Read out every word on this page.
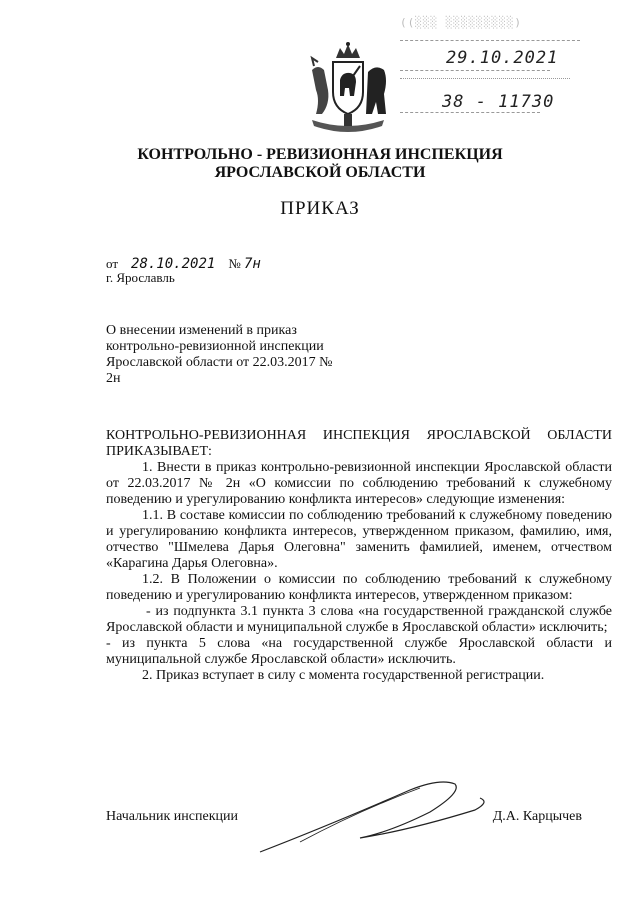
((░░░ ░░░░░░░░░)
29.10.2021
38 - 11730
КОНТРОЛЬНО - РЕВИЗИОННАЯ ИНСПЕКЦИЯ
ЯРОСЛАВСКОЙ ОБЛАСТИ
ПРИКАЗ
от 28.10.2021 № 7н
г. Ярославль
О внесении изменений в приказ контрольно-ревизионной инспекции Ярославской области от 22.03.2017 № 2н

КОНТРОЛЬНО-РЕВИЗИОННАЯ ИНСПЕКЦИЯ ЯРОСЛАВСКОЙ ОБЛАСТИ ПРИКАЗЫВАЕТ:

1. Внести в приказ контрольно-ревизионной инспекции Ярославской области от 22.03.2017 № 2н «О комиссии по соблюдению требований к служебному поведению и урегулированию конфликта интересов» следующие изменения:

1.1. В составе комиссии по соблюдению требований к служебному поведению и урегулированию конфликта интересов, утвержденном приказом, фамилию, имя, отчество "Шмелева Дарья Олеговна" заменить фамилией, именем, отчеством «Карагина Дарья Олеговна».

1.2. В Положении о комиссии по соблюдению требований к служебному поведению и урегулированию конфликта интересов, утвержденном приказом:

- из подпункта 3.1 пункта 3 слова «на государственной гражданской службе Ярославской области и муниципальной службе в Ярославской области» исключить;

- из пункта 5 слова «на государственной службе Ярославской области и муниципальной службе Ярославской области» исключить.

2. Приказ вступает в силу с момента государственной регистрации.

Начальник инспекции	Д.А. Карцычев
